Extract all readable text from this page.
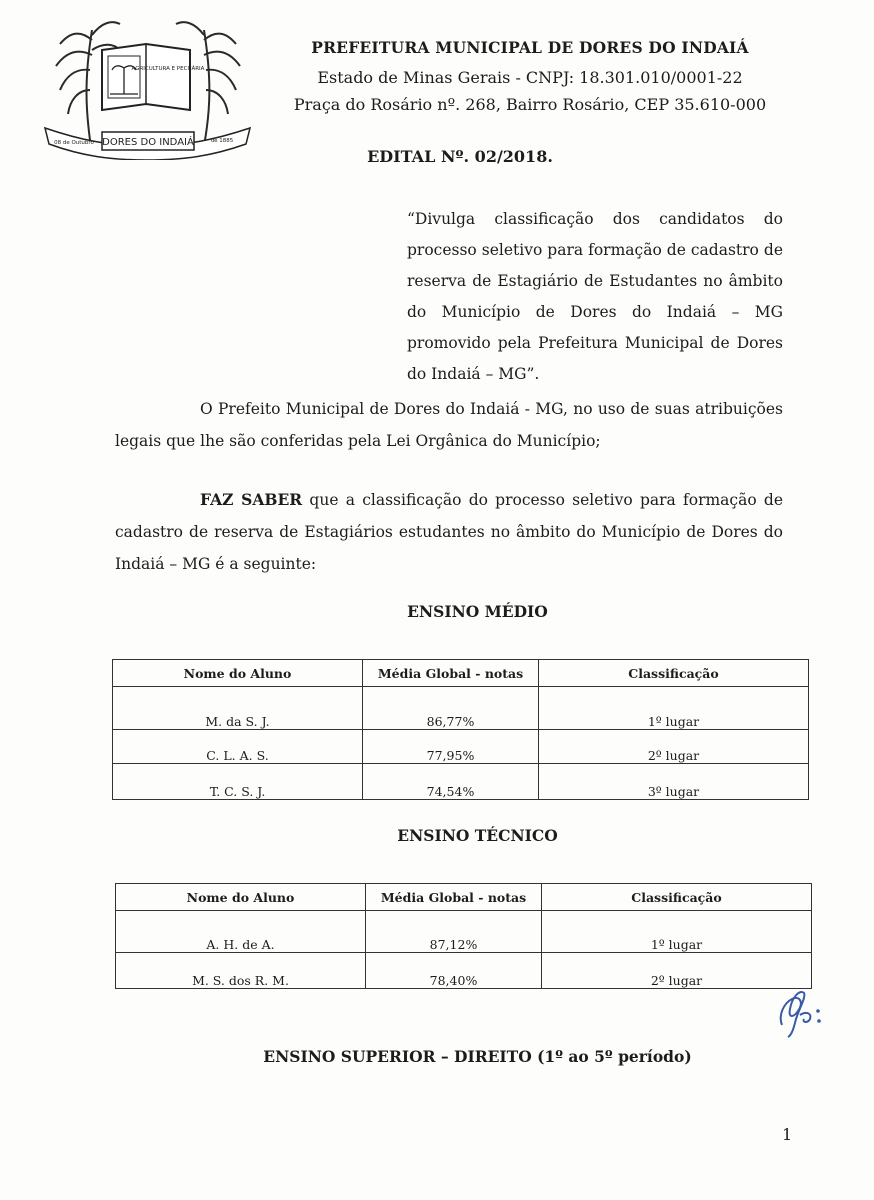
AGRICULTURA E PECUÁRIA
DORES DO INDAIÁ
08 de Outubro	de 1885
PREFEITURA MUNICIPAL DE DORES DO INDAIÁ
Estado de Minas Gerais - CNPJ: 18.301.010/0001-22
Praça do Rosário nº. 268, Bairro Rosário, CEP 35.610-000
EDITAL Nº. 02/2018.
“Divulga classificação dos candidatos do processo seletivo para formação de cadastro de reserva de Estagiário de Estudantes no âmbito do Município de Dores do Indaiá – MG promovido pela Prefeitura Municipal de Dores do Indaiá – MG”.
O Prefeito Municipal de Dores do Indaiá - MG, no uso de suas atribuições legais que lhe são conferidas pela Lei Orgânica do Município;
FAZ SABER que a classificação do processo seletivo para formação de cadastro de reserva de Estagiários estudantes no âmbito do Município de Dores do Indaiá – MG é a seguinte:
ENSINO MÉDIO
Nome do Aluno	Média Global - notas	Classificação
M. da S. J.	86,77%	1º lugar
C. L. A. S.	77,95%	2º lugar
T. C. S. J.	74,54%	3º lugar
ENSINO TÉCNICO
Nome do Aluno	Média Global - notas	Classificação
A. H. de A.	87,12%	1º lugar
M. S. dos R. M.	78,40%	2º lugar
ENSINO SUPERIOR – DIREITO (1º ao 5º período)
1
